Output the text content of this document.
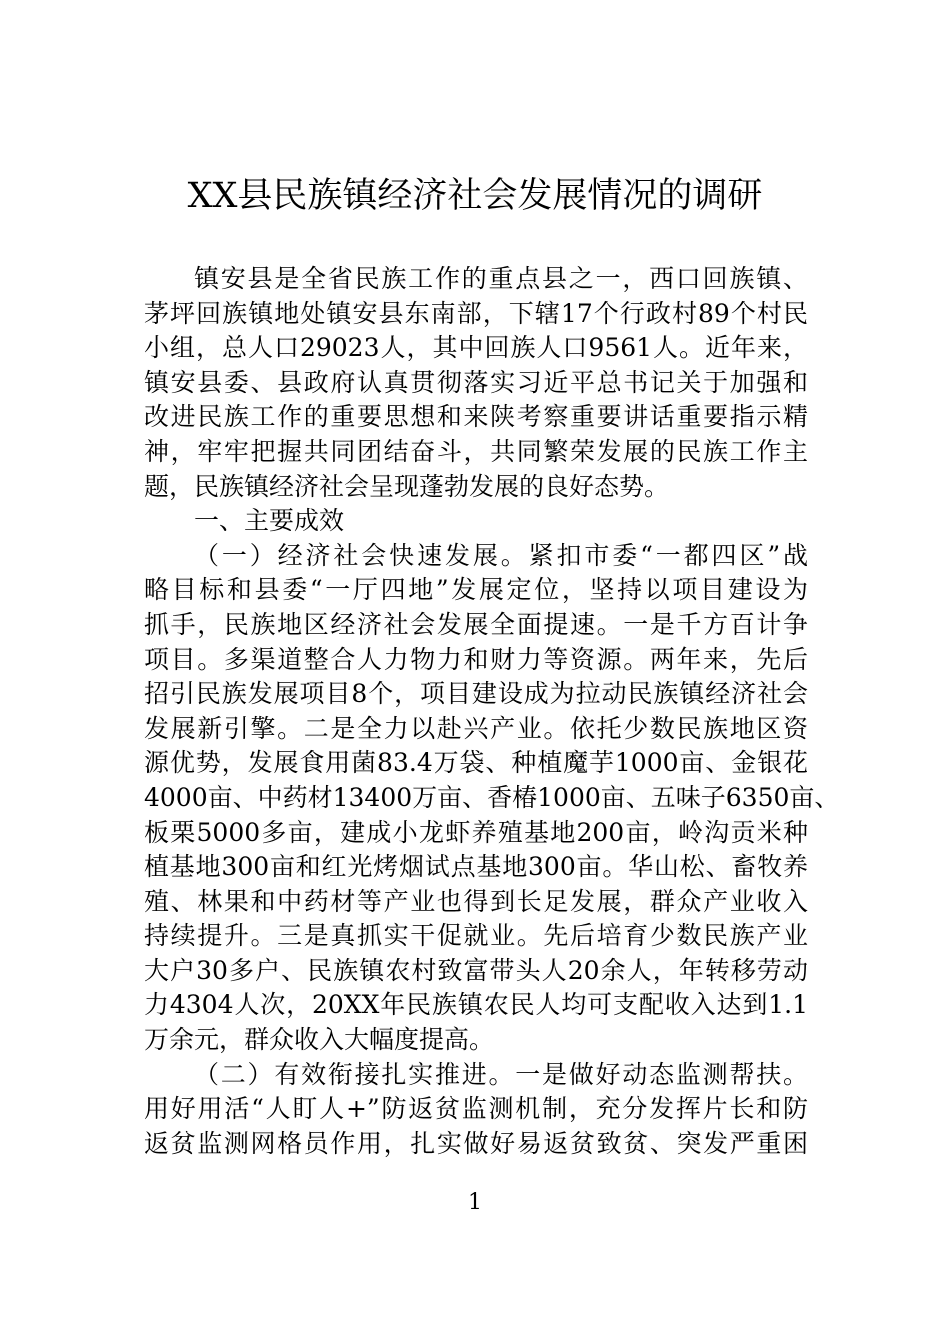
XX县民族镇经济社会发展情况的调研
镇安县是全省民族工作的重点县之一，西口回族镇、
茅坪回族镇地处镇安县东南部，下辖17个行政村89个村民
小组，总人口29023人，其中回族人口9561人。近年来，
镇安县委、县政府认真贯彻落实习近平总书记关于加强和
改进民族工作的重要思想和来陕考察重要讲话重要指示精
神，牢牢把握共同团结奋斗，共同繁荣发展的民族工作主
题，民族镇经济社会呈现蓬勃发展的良好态势。
一、主要成效
（一）经济社会快速发展。紧扣市委“一都四区”战
略目标和县委“一厅四地”发展定位，坚持以项目建设为
抓手，民族地区经济社会发展全面提速。一是千方百计争
项目。多渠道整合人力物力和财力等资源。两年来，先后
招引民族发展项目8个，项目建设成为拉动民族镇经济社会
发展新引擎。二是全力以赴兴产业。依托少数民族地区资
源优势，发展食用菌83.4万袋、种植魔芋1000亩、金银花
4000亩、中药材13400万亩、香椿1000亩、五味子6350亩、
板栗5000多亩，建成小龙虾养殖基地200亩，岭沟贡米种
植基地300亩和红光烤烟试点基地300亩。华山松、畜牧养
殖、林果和中药材等产业也得到长足发展，群众产业收入
持续提升。三是真抓实干促就业。先后培育少数民族产业
大户30多户、民族镇农村致富带头人20余人，年转移劳动
力4304人次，20XX年民族镇农民人均可支配收入达到1.1
万余元，群众收入大幅度提高。
（二）有效衔接扎实推进。一是做好动态监测帮扶。
用好用活“人盯人+”防返贫监测机制，充分发挥片长和防
返贫监测网格员作用，扎实做好易返贫致贫、突发严重困
1
